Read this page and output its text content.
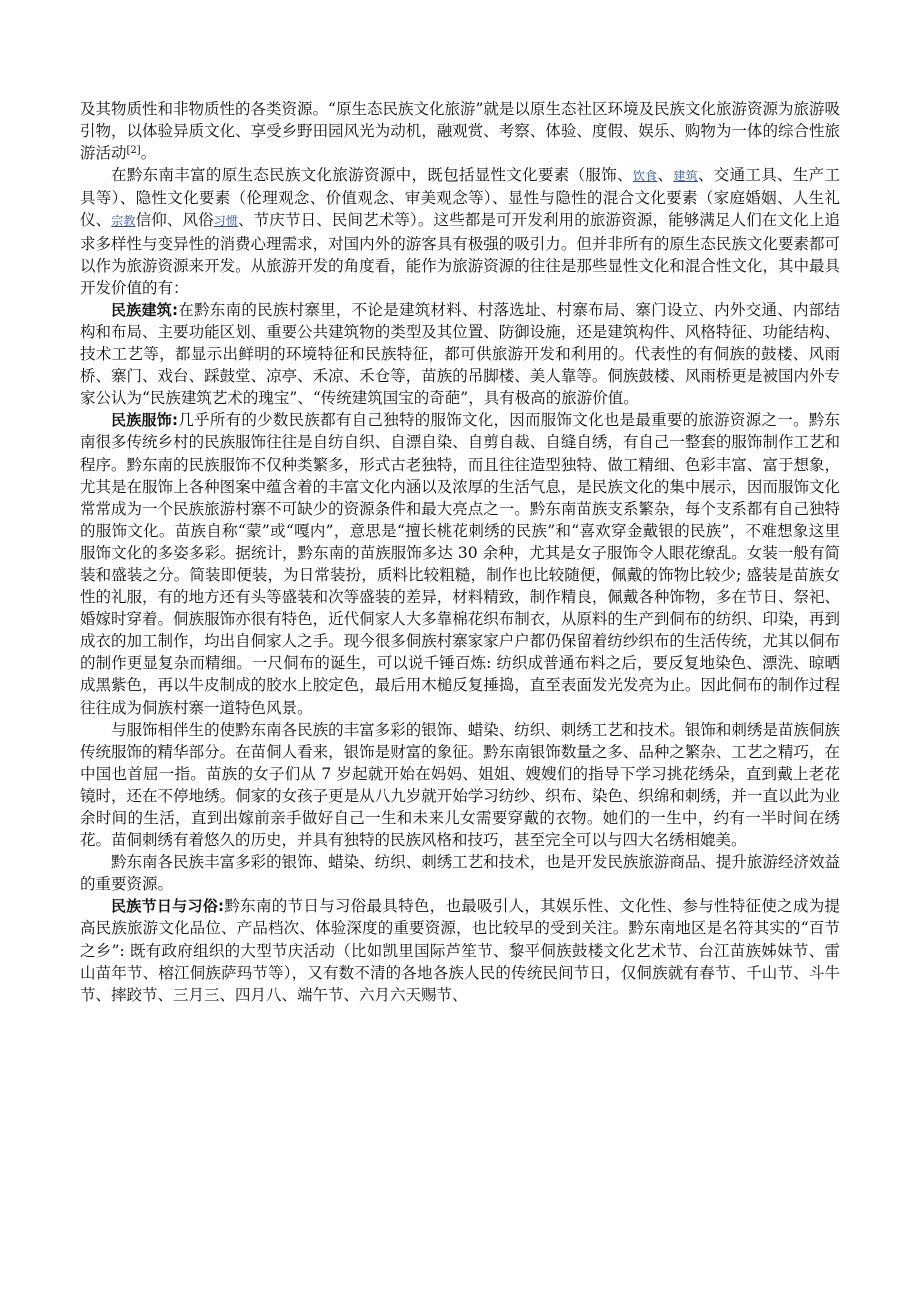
及其物质性和非物质性的各类资源。“原生态民族文化旅游”就是以原生态社区环境及民族文化旅游资源为旅游吸引物，以体验异质文化、享受乡野田园风光为动机，融观赏、考察、体验、度假、娱乐、购物为一体的综合性旅游活动[2]。

在黔东南丰富的原生态民族文化旅游资源中，既包括显性文化要素（服饰、饮食、建筑、交通工具、生产工具等）、隐性文化要素（伦理观念、价值观念、审美观念等）、显性与隐性的混合文化要素（家庭婚姻、人生礼仪、宗教信仰、风俗习惯、节庆节日、民间艺术等）。这些都是可开发利用的旅游资源，能够满足人们在文化上追求多样性与变异性的消费心理需求，对国内外的游客具有极强的吸引力。但并非所有的原生态民族文化要素都可以作为旅游资源来开发。从旅游开发的角度看，能作为旅游资源的往往是那些显性文化和混合性文化，其中最具开发价值的有：

民族建筑:在黔东南的民族村寨里，不论是建筑材料、村落选址、村寨布局、寨门设立、内外交通、内部结构和布局、主要功能区划、重要公共建筑物的类型及其位置、防御设施，还是建筑构件、风格特征、功能结构、技术工艺等，都显示出鲜明的环境特征和民族特征，都可供旅游开发和利用的。代表性的有侗族的鼓楼、风雨桥、寨门、戏台、踩鼓堂、凉亭、禾凉、禾仓等，苗族的吊脚楼、美人靠等。侗族鼓楼、风雨桥更是被国内外专家公认为“民族建筑艺术的瑰宝”、“传统建筑国宝的奇葩”，具有极高的旅游价值。

民族服饰:几乎所有的少数民族都有自己独特的服饰文化，因而服饰文化也是最重要的旅游资源之一。黔东南很多传统乡村的民族服饰往往是自纺自织、自漂自染、自剪自裁、自缝自绣，有自己一整套的服饰制作工艺和程序。黔东南的民族服饰不仅种类繁多，形式古老独特，而且往往造型独特、做工精细、色彩丰富、富于想象，尤其是在服饰上各种图案中蕴含着的丰富文化内涵以及浓厚的生活气息，是民族文化的集中展示，因而服饰文化常常成为一个民族旅游村寨不可缺少的资源条件和最大亮点之一。黔东南苗族支系繁杂，每个支系都有自己独特的服饰文化。苗族自称“蒙”或“嘎内”，意思是“擅长桃花刺绣的民族”和“喜欢穿金戴银的民族”，不难想象这里服饰文化的多姿多彩。据统计，黔东南的苗族服饰多达 30 余种，尤其是女子服饰令人眼花缭乱。女装一般有简装和盛装之分。简装即便装，为日常装扮，质料比较粗糙，制作也比较随便，佩戴的饰物比较少; 盛装是苗族女性的礼服，有的地方还有头等盛装和次等盛装的差异，材料精致，制作精良，佩戴各种饰物，多在节日、祭祀、婚嫁时穿着。侗族服饰亦很有特色，近代侗家人大多靠棉花织布制衣，从原料的生产到侗布的纺织、印染，再到成衣的加工制作，均出自侗家人之手。现今很多侗族村寨家家户户都仍保留着纺纱织布的生活传统，尤其以侗布的制作更显复杂而精细。一尺侗布的诞生，可以说千锤百炼: 纺织成普通布料之后，要反复地染色、漂洗、晾晒成黑紫色，再以牛皮制成的胶水上胶定色，最后用木槌反复捶捣，直至表面发光发亮为止。因此侗布的制作过程往往成为侗族村寨一道特色风景。

与服饰相伴生的使黔东南各民族的丰富多彩的银饰、蜡染、纺织、刺绣工艺和技术。银饰和刺绣是苗族侗族传统服饰的精华部分。在苗侗人看来，银饰是财富的象征。黔东南银饰数量之多、品种之繁杂、工艺之精巧，在中国也首屈一指。苗族的女子们从 7 岁起就开始在妈妈、姐姐、嫂嫂们的指导下学习挑花绣朵，直到戴上老花镜时，还在不停地绣。侗家的女孩子更是从八九岁就开始学习纺纱、织布、染色、织绵和刺绣，并一直以此为业余时间的生活，直到出嫁前亲手做好自己一生和未来儿女需要穿戴的衣物。她们的一生中，约有一半时间在绣花。苗侗刺绣有着悠久的历史，并具有独特的民族风格和技巧，甚至完全可以与四大名绣相媲美。

黔东南各民族丰富多彩的银饰、蜡染、纺织、刺绣工艺和技术，也是开发民族旅游商品、提升旅游经济效益的重要资源。

民族节日与习俗:黔东南的节日与习俗最具特色，也最吸引人，其娱乐性、文化性、参与性特征使之成为提高民族旅游文化品位、产品档次、体验深度的重要资源，也比较早的受到关注。黔东南地区是名符其实的“百节之乡”: 既有政府组织的大型节庆活动（比如凯里国际芦笙节、黎平侗族鼓楼文化艺术节、台江苗族姊妹节、雷山苗年节、榕江侗族萨玛节等），又有数不清的各地各族人民的传统民间节日，仅侗族就有春节、千山节、斗牛节、摔跤节、三月三、四月八、端午节、六月六天赐节、
